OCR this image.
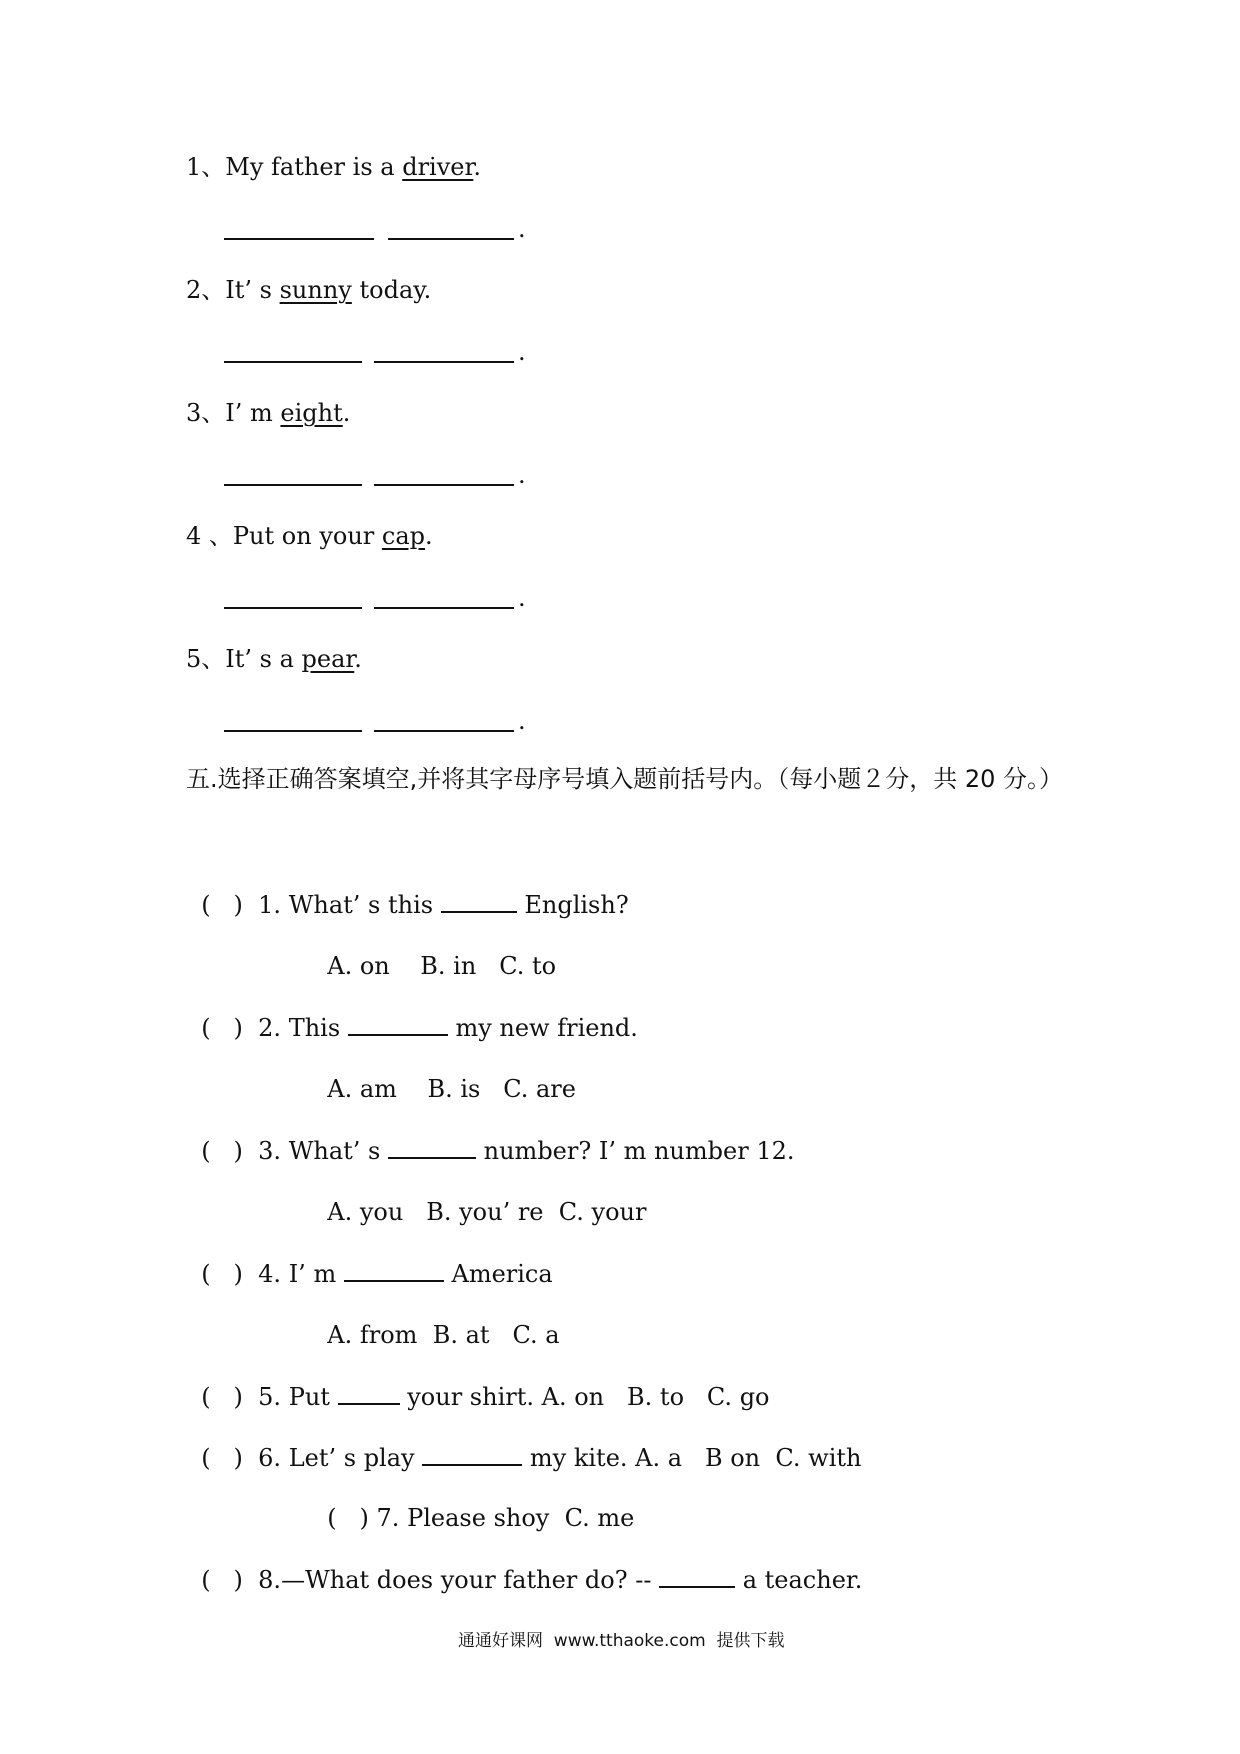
1、My father is a driver.
.
2、It’ s sunny today.
.
3、I’ m eight.
.
4 、Put on your cap.
.
5、It’ s a pear.
.
五.选择正确答案填空,并将其字母序号填入题前括号内。（每小题２分，共 20 分。）

(   ) 1. What’ s this	English?

A. on B. in C. to

(   ) 2. This	my new friend.

A. am B. is C. are

(   ) 3. What’ s	number? I’ m number 12.

A. you B. you’ re C. your

(   ) 4. I’ m	America

A. from B. at C. a

(   ) 5. Put	your shirt. A. on B. to C. go

(   ) 6. Let’ s play	my kite. A. a B on C. with

(   ) 7. Please shoy C. me

(   ) 8.—What does your father do? --	a teacher.

通通好课网  www.tthaoke.com  提供下载
